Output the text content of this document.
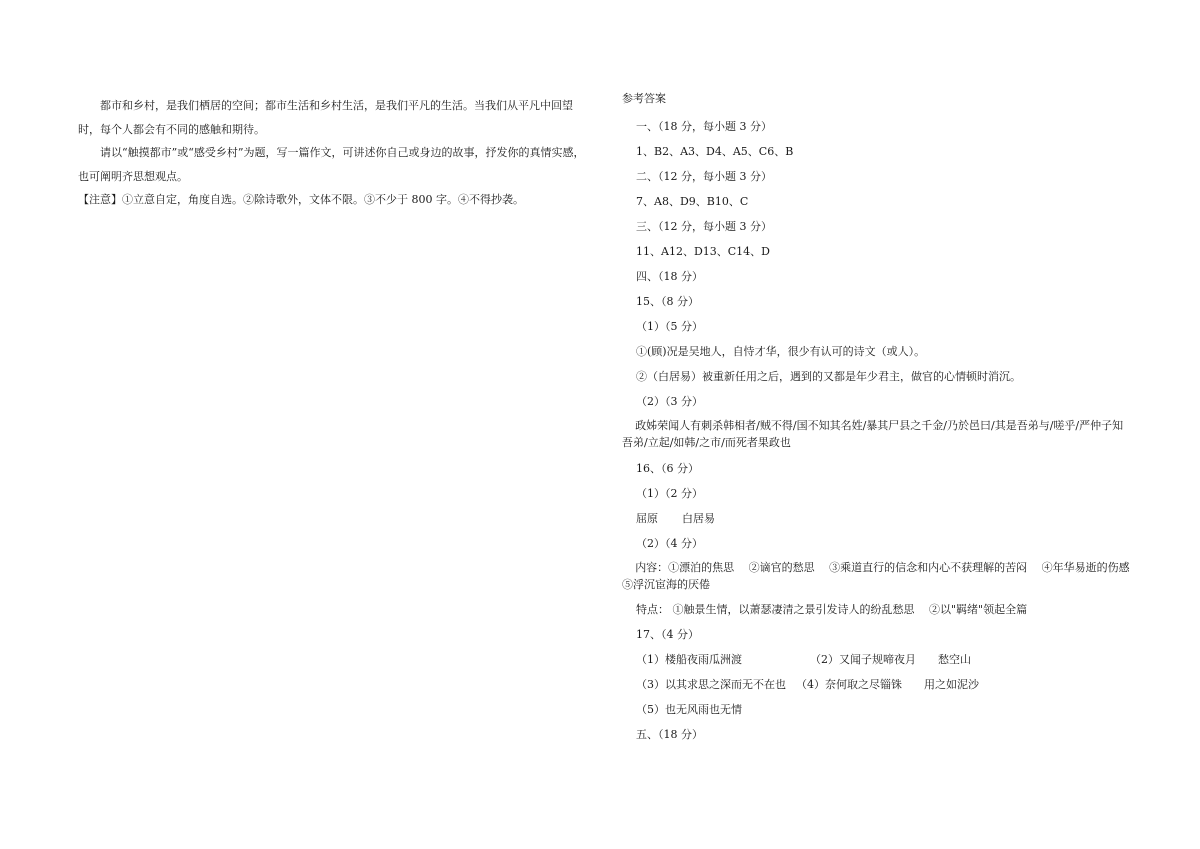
都市和乡村，是我们栖居的空间；都市生活和乡村生活，是我们平凡的生活。当我们从平凡中回望时，每个人都会有不同的感触和期待。

请以“触摸都市”或“感受乡村”为题，写一篇作文，可讲述你自己或身边的故事，抒发你的真情实感，也可阐明齐思想观点。

【注意】①立意自定，角度自选。②除诗歌外，文体不限。③不少于 800 字。④不得抄袭。

参考答案
一、（18 分，每小题 3 分）
1、B2、A3、D4、A5、C6、B
二、（12 分，每小题 3 分）
7、A8、D9、B10、C
三、（12 分，每小题 3 分）
11、A12、D13、C14、D
四、（18 分）
15、（8 分）
（1）（5 分）
①(顾)况是吴地人，自恃才华，很少有认可的诗文（或人）。
②（白居易）被重新任用之后，遇到的又都是年少君主，做官的心情顿时消沉。
（2）（3 分）
政姊荣闻人有刺杀韩相者/贼不得/国不知其名姓/暴其尸县之千金/乃於邑曰/其是吾弟与/嗟乎/严仲子知吾弟/立起/如韩/之市/而死者果政也
16、（6 分）
（1）（2 分）
屈原 白居易
（2）（4 分）
内容：①漂泊的焦思　 ②谪官的愁思　 ③乘道直行的信念和内心不获理解的苦闷　 ④年华易逝的伤感　 ⑤浮沉宦海的厌倦
特点： ①触景生情，以萧瑟凄清之景引发诗人的纷乱愁思　 ②以"羁绪"领起全篇
17、（4 分）
（1）楼船夜雨瓜洲渡	（2）又闻子规啼夜月 愁空山
（3）以其求思之深而无不在也 （4）奈何取之尽锱铢 用之如泥沙
（5）也无风雨也无情
五、（18 分）
